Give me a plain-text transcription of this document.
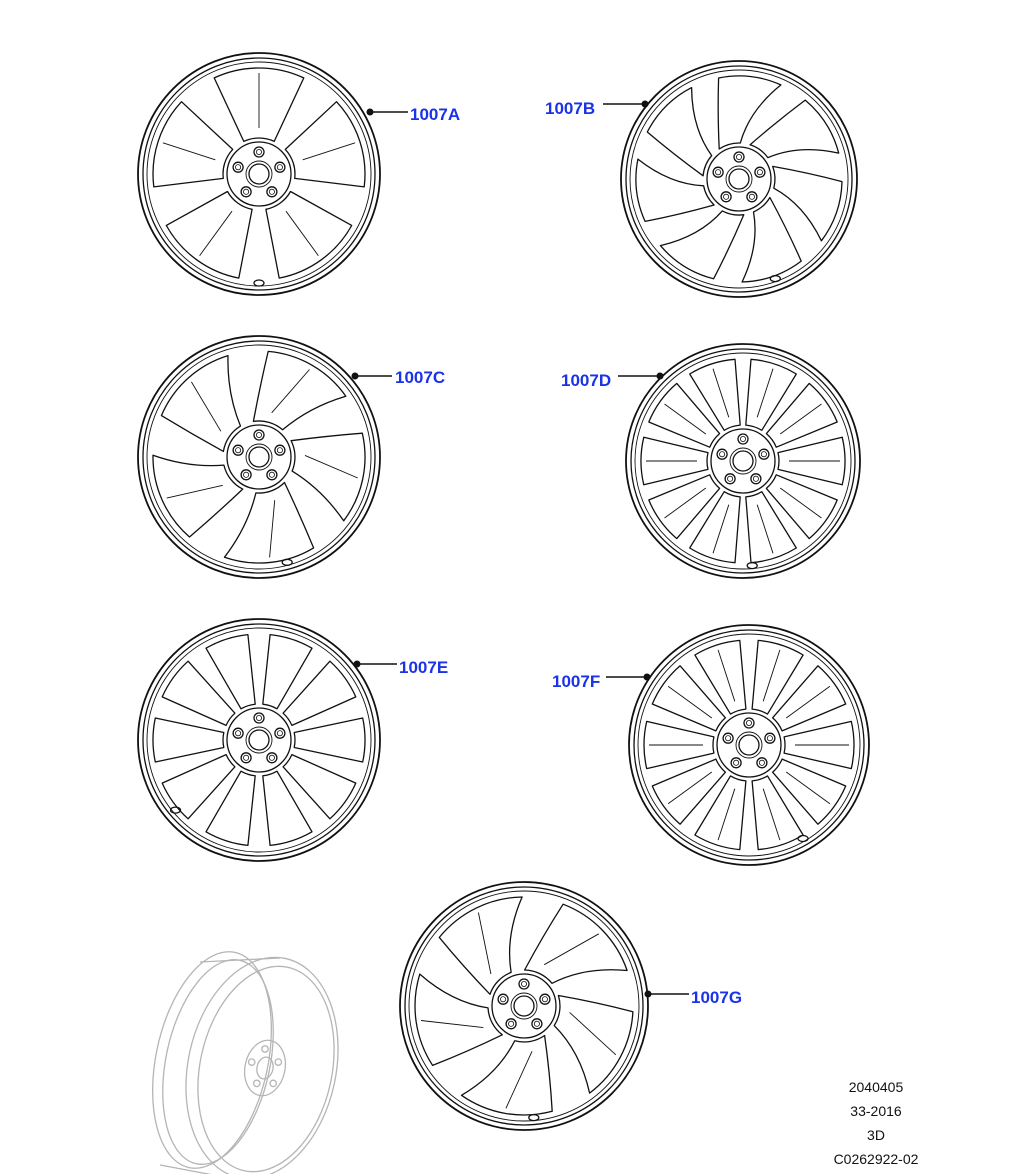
1007A	1007B
1007C	1007D
1007E
1007F
1007G
2040405
33-2016
3D
C0262922-02
